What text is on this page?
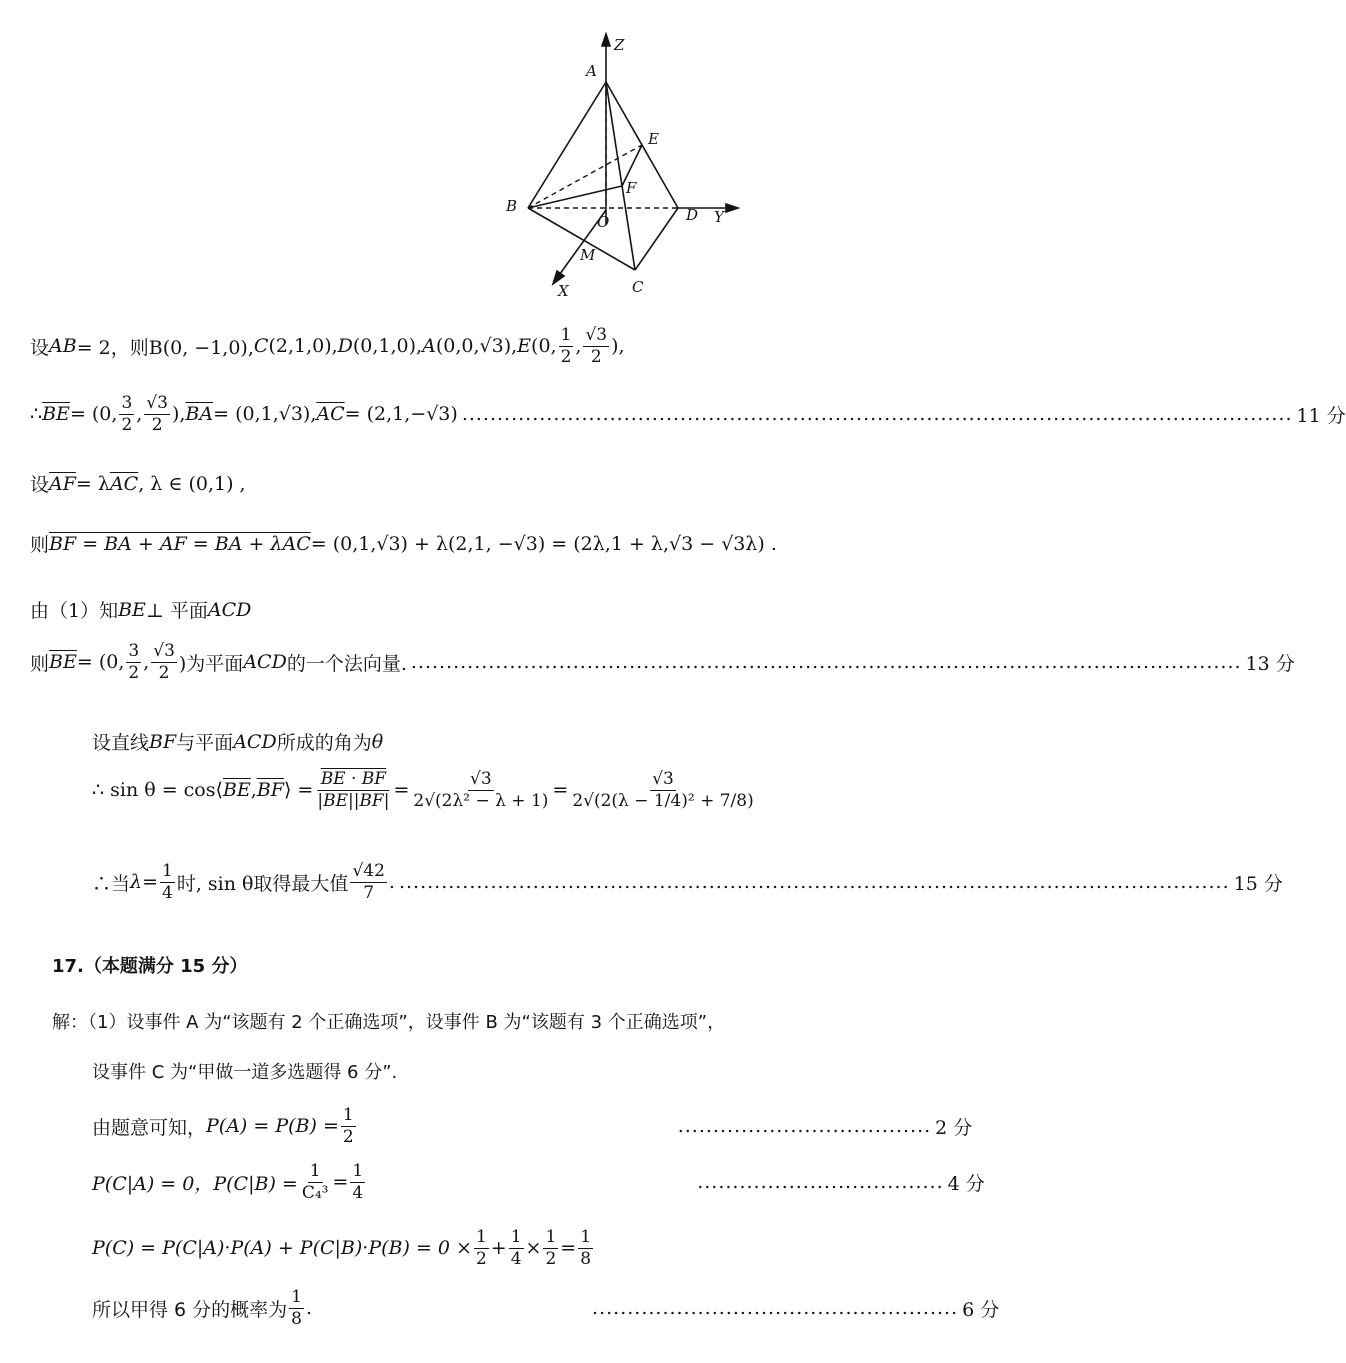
Z
A
E
F
B
O	D Y
M
X	C
设 AB = 2，则B(0, −1,0), C (2,1,0), D (0,1,0), A (0,0,√3), E (0, $\frac{1}{2}$ , $\frac{√3}{2}$ ),
∴ $\overline{BE} = (0$, $\frac{3}{2}$ , $\frac{√3}{2}$ ), $\overline{BA} = (0,1,√3)$, $\overline{AC} = (2,1,-√3)$ ...................................................................................................................... 11 分
设 $\overline{AF} = \lambda$ $\overline{AC}$ , λ ∈ (0,1) ,
则 BF = BA + AF = BA + λAC = (0,1,√3) + λ(2,1, −√3) = (2λ,1 + λ,√3 − √3λ) .
由（1）知 BE ⊥ 平面 ACD
则 $\overline{BE} = (0$, $\frac{3}{2}$ , $\frac{√3}{2}$ )为平面 ACD 的一个法向量. ...................................................................................................................... 13 分
设直线 BF 与平面 ACD 所成的角为 θ
∴ sin θ = cos⟨ $\overline{BE}$ , $\overline{BF}$ ⟩ = $\frac{BE \cdot BF}{|BE||BF|} = \frac{√3}{\text{2√(2λ² − λ + 1)}} = \frac{√3}{\text{2√(2(λ − 1/4)² + 7/8)}}$
∴当 $\lambda = \frac{1}{4}$ 时, sin θ取得最大值 $\frac{√42}{7}$ . ...................................................................................................................... 15 分
17.（本题满分 15 分）
解：（1）设事件 A 为“该题有 2 个正确选项”，设事件 B 为“该题有 3 个正确选项”，
设事件 C 为“甲做一道多选题得 6 分”.
由题意可知， $P(A) = P(B) = \frac{1}{2}$	.................................... 2 分
P(C|A) = 0，$P(C|B) = \frac{1}{\text{C₄³}} = \frac{1}{4}$	................................... 4 分
$P(C) = P(C|A)\cdot P(A) + P(C|B)\cdot P(B) = 0 \times \frac{1}{2} + \frac{1}{4} \times \frac{1}{2} = \frac{1}{8}$
所以甲得 6 分的概率为 $\frac{1}{8}$ .	.................................................... 6 分
